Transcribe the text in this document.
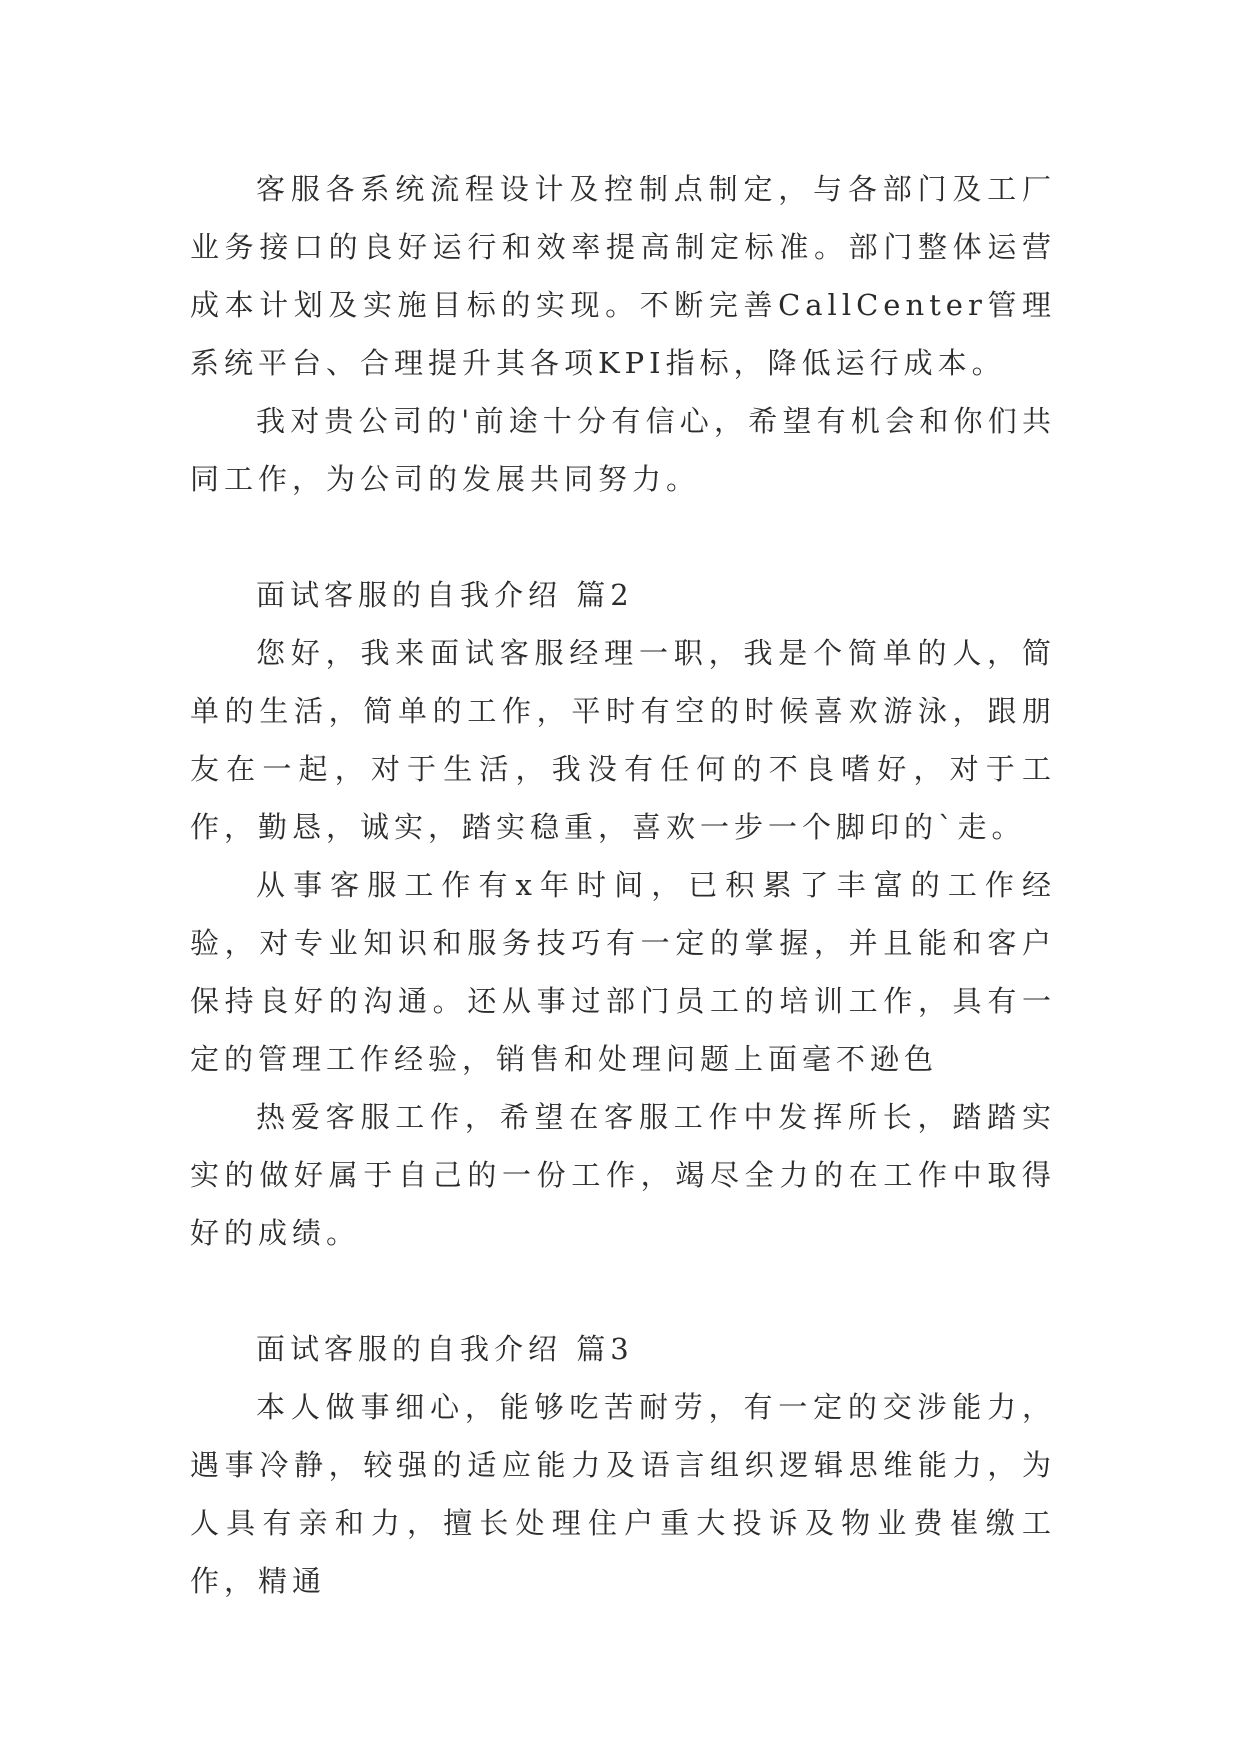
客服各系统流程设计及控制点制定，与各部门及工厂业务接口的良好运行和效率提高制定标准。部门整体运营成本计划及实施目标的实现。不断完善CallCenter管理系统平台、合理提升其各项KPI指标，降低运行成本。

我对贵公司的'前途十分有信心，希望有机会和你们共同工作，为公司的发展共同努力。

面试客服的自我介绍 篇2

您好，我来面试客服经理一职，我是个简单的人，简单的生活，简单的工作，平时有空的时候喜欢游泳，跟朋友在一起，对于生活，我没有任何的不良嗜好，对于工作，勤恳，诚实，踏实稳重，喜欢一步一个脚印的`走。

从事客服工作有x年时间，已积累了丰富的工作经验，对专业知识和服务技巧有一定的掌握，并且能和客户保持良好的沟通。还从事过部门员工的培训工作，具有一定的管理工作经验，销售和处理问题上面毫不逊色

热爱客服工作，希望在客服工作中发挥所长，踏踏实实的做好属于自己的一份工作，竭尽全力的在工作中取得好的成绩。

面试客服的自我介绍 篇3

本人做事细心，能够吃苦耐劳，有一定的交涉能力，遇事冷静，较强的适应能力及语言组织逻辑思维能力，为人具有亲和力，擅长处理住户重大投诉及物业费崔缴工作，精通
